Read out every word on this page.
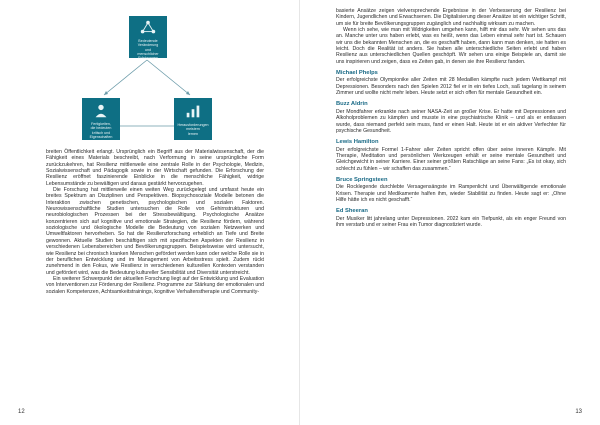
Bedeutende
Veränderung
und
menschlicher
Erfahrungen
Fertigkeiten,
die bedeuten
kritisch und
Eigenschaften
Herausforderungen
meistern
lernen

breiten Öffentlichkeit erlangt. Ursprünglich ein Begriff aus der Materialwissenschaft, der die Fähigkeit eines Materials beschreibt, nach Verformung in seine ursprüngliche Form zurückzukehren, hat Resilienz mittlerweile eine zentrale Rolle in der Psychologie, Medizin, Sozialwissenschaft und Pädagogik sowie in der Wirtschaft gefunden. Die Erforschung der Resilienz eröffnet faszinierende Einblicke in die menschliche Fähigkeit, widrige Lebensumstände zu bewältigen und daraus gestärkt hervorzugehen.

Die Forschung hat mittlerweile einen weiten Weg zurückgelegt und umfasst heute ein breites Spektrum an Disziplinen und Perspektiven. Biopsychosoziale Modelle betonen die Interaktion zwischen genetischen, psychologischen und sozialen Faktoren. Neurowissenschaftliche Studien untersuchen die Rolle von Gehirnstrukturen und neurobiologischen Prozessen bei der Stressbewältigung. Psychologische Ansätze konzentrieren sich auf kognitive und emotionale Strategien, die Resilienz fördern, während soziologische und ökologische Modelle die Bedeutung von sozialen Netzwerken und Umweltfaktoren hervorheben. So hat die Resilienzforschung erheblich an Tiefe und Breite gewonnen. Aktuelle Studien beschäftigen sich mit spezifischen Aspekten der Resilienz in verschiedenen Lebensbereichen und Bevölkerungsgruppen. Beispielsweise wird untersucht, wie Resilienz bei chronisch kranken Menschen gefördert werden kann oder welche Rolle sie in der beruflichen Entwicklung und im Management von Arbeitsstress spielt. Zudem rückt zunehmend in den Fokus, wie Resilienz in verschiedenen kulturellen Kontexten verstanden und gefördert wird, was die Bedeutung kultureller Sensibilität und Diversität unterstreicht.

Ein weiterer Schwerpunkt der aktuellen Forschung liegt auf der Entwicklung und Evaluation von Interventionen zur Förderung der Resilienz. Programme zur Stärkung der emotionalen und sozialen Kompetenzen, Achtsamkeitstrainings, kognitive Verhaltenstherapie und Community-

12

basierte Ansätze zeigen vielversprechende Ergebnisse in der Verbesserung der Resilienz bei Kindern, Jugendlichen und Erwachsenen. Die Digitalisierung dieser Ansätze ist ein wichtiger Schritt, um sie für breite Bevölkerungsgruppen zugänglich und nachhaltig wirksam zu machen.

Wenn ich sehe, wie man mit Widrigkeiten umgehen kann, hilft mir das sehr. Wir sehen uns das an. Manche unter uns haben erlebt, was es heißt, wenn das Leben einmal sehr hart ist. Schauen wir uns die bekannten Menschen an, die es geschafft haben, dann kann man denken, sie hatten es leicht. Doch die Realität ist anders. Sie haben alle unterschiedliche Seiten erlebt und haben Resilienz aus unterschiedlichen Quellen geschöpft. Wir sehen uns einige Beispiele an, damit sie uns inspirieren und zeigen, dass es Zeiten gab, in denen sie ihre Resilienz fanden.

Michael Phelps

Der erfolgreichste Olympionike aller Zeiten mit 28 Medaillen kämpfte nach jedem Wettkampf mit Depressionen. Besonders nach den Spielen 2012 fiel er in ein tiefes Loch, saß tagelang in seinem Zimmer und wollte nicht mehr leben. Heute setzt er sich offen für mentale Gesundheit ein.

Buzz Aldrin

Der Mondfahrer erkrankte nach seiner NASA-Zeit an großer Krise. Er hatte mit Depressionen und Alkoholproblemen zu kämpfen und musste in eine psychiatrische Klinik – und als er entlassen wurde, dass niemand perfekt sein muss, fand er einen Halt. Heute ist er ein aktiver Verfechter für psychische Gesundheit.

Lewis Hamilton

Der erfolgreichste Formel 1-Fahrer aller Zeiten spricht offen über seine inneren Kämpfe. Mit Therapie, Meditation und persönlichen Werkzeugen erhält er seine mentale Gesundheit und Gleichgewicht in seiner Karriere. Einer seiner größten Ratschläge an seine Fans: „Es ist okay, sich schlecht zu fühlen – wir schaffen das zusammen.“

Bruce Springsteen

Die Rocklegende durchlebte Versagensängste im Rampenlicht und Überwältigende emotionale Krisen. Therapie und Medikamente halfen ihm, wieder Stabilität zu finden. Heute sagt er: „Ohne Hilfe hätte ich es nicht geschafft.“

Ed Sheeran

Der Musiker litt jahrelang unter Depressionen. 2022 kam ein Tiefpunkt, als ein enger Freund von ihm verstarb und er seiner Frau ein Tumor diagnostiziert wurde.

13
